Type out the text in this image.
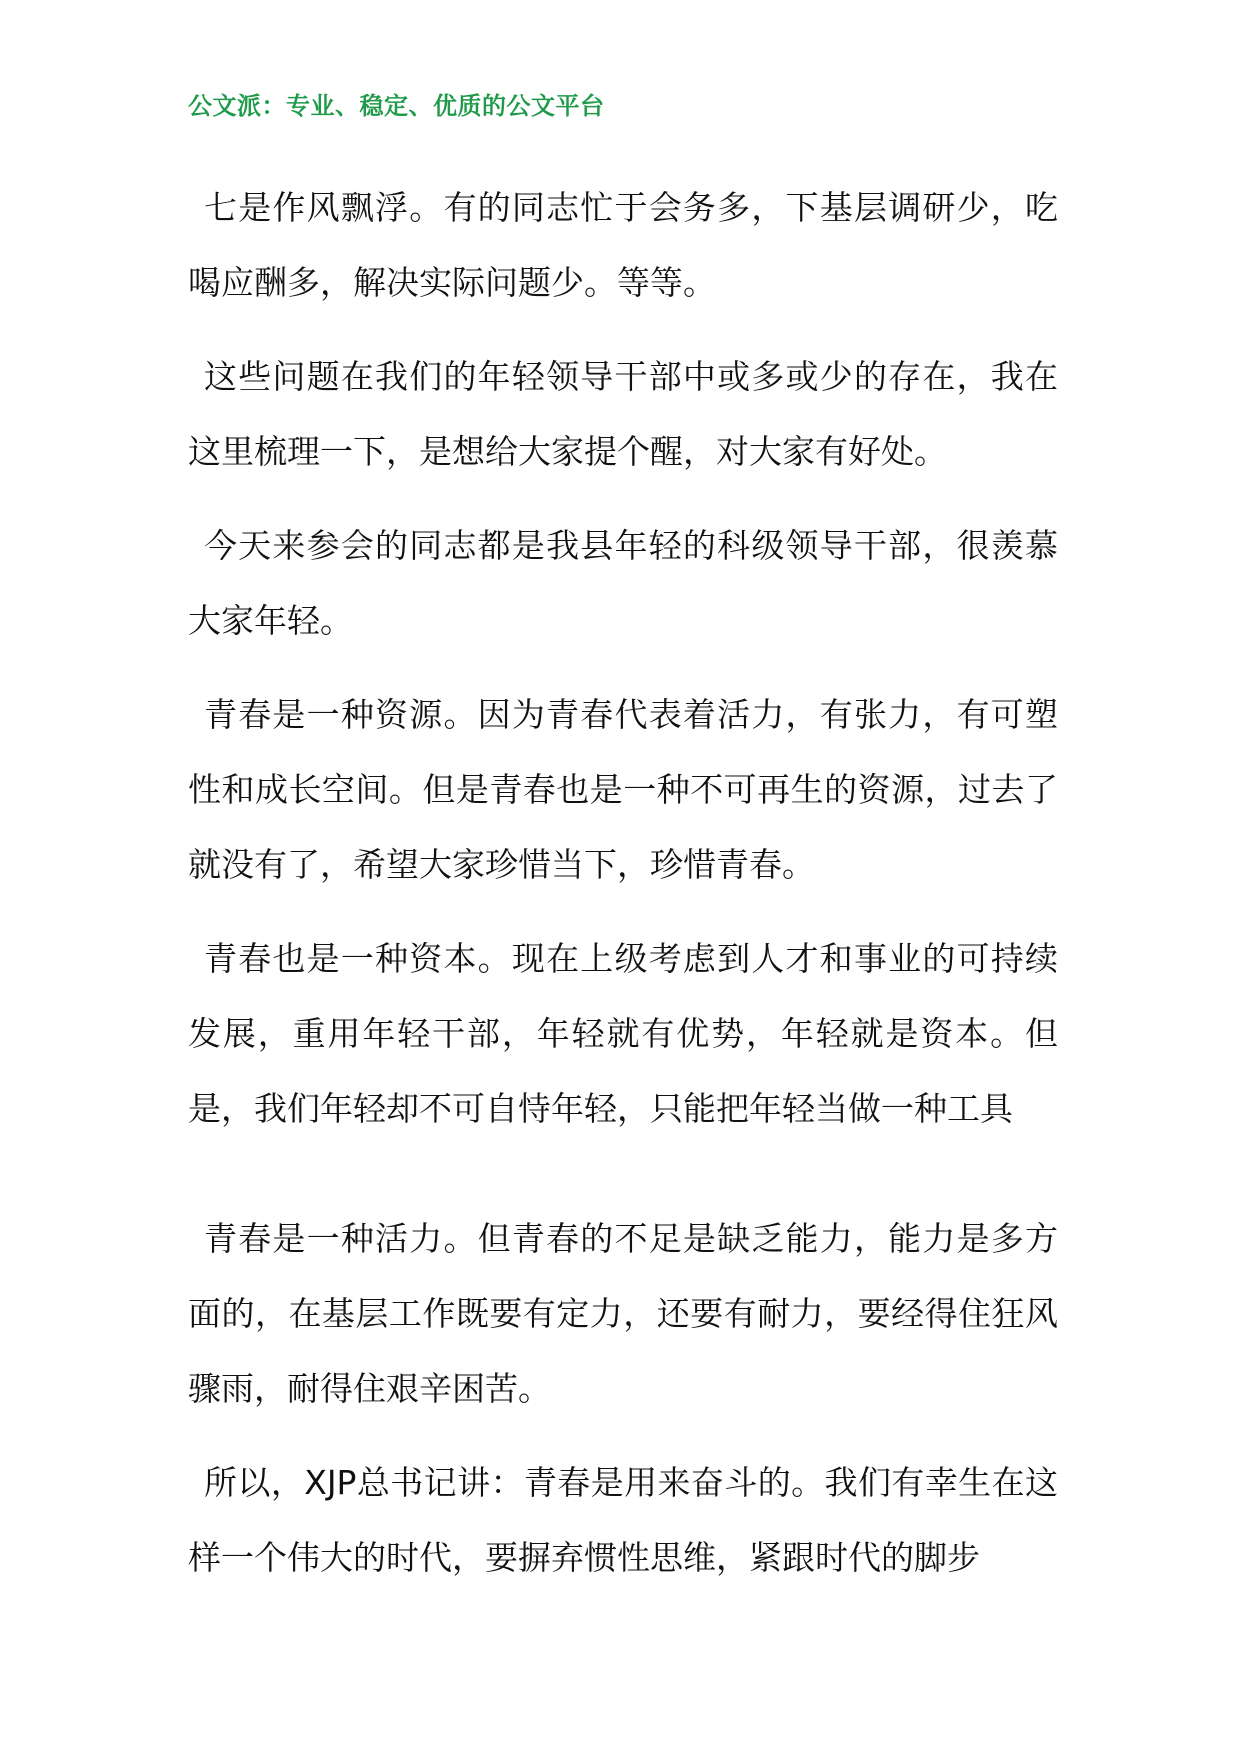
公文派：专业、稳定、优质的公文平台

七是作风飘浮。有的同志忙于会务多，下基层调研少，吃喝应酬多，解决实际问题少。等等。

这些问题在我们的年轻领导干部中或多或少的存在，我在这里梳理一下，是想给大家提个醒，对大家有好处。

今天来参会的同志都是我县年轻的科级领导干部，很羡慕大家年轻。

青春是一种资源。因为青春代表着活力，有张力，有可塑性和成长空间。但是青春也是一种不可再生的资源，过去了就没有了，希望大家珍惜当下，珍惜青春。

青春也是一种资本。现在上级考虑到人才和事业的可持续发展，重用年轻干部，年轻就有优势，年轻就是资本。但是，我们年轻却不可自恃年轻，只能把年轻当做一种工具

青春是一种活力。但青春的不足是缺乏能力，能力是多方面的，在基层工作既要有定力，还要有耐力，要经得住狂风骤雨，耐得住艰辛困苦。

所以，XJP总书记讲：青春是用来奋斗的。我们有幸生在这样一个伟大的时代，要摒弃惯性思维，紧跟时代的脚步
